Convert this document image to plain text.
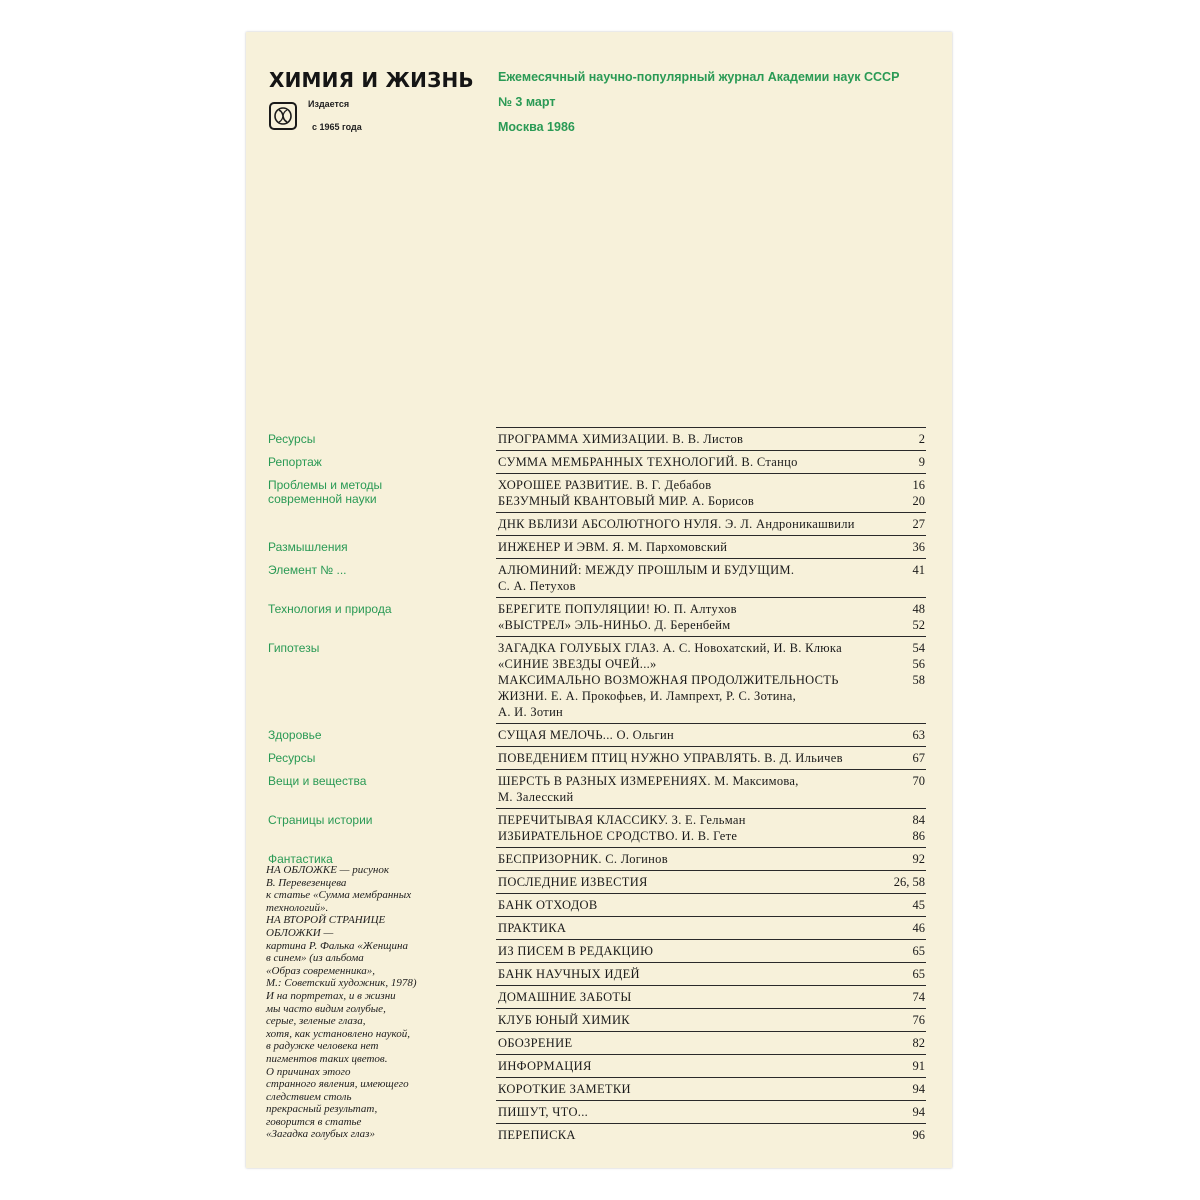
ХИМИЯ И ЖИЗНЬ
Издается
с 1965 года
Ежемесячный научно-популярный журнал Академии наук СССР
№ 3 март
Москва 1986
Ресурсы	ПРОГРАММА ХИМИЗАЦИИ. В. В. Листов	2
Репортаж	СУММА МЕМБРАННЫХ ТЕХНОЛОГИЙ. В. Станцо	9
Проблемы и методы
современной науки
ХОРОШЕЕ РАЗВИТИЕ. В. Г. Дебабов	16
БЕЗУМНЫЙ КВАНТОВЫЙ МИР. А. Борисов	20
ДНК ВБЛИЗИ АБСОЛЮТНОГО НУЛЯ. Э. Л. Андроникашвили	27
Размышления	ИНЖЕНЕР И ЭВМ. Я. М. Пархомовский	36
Элемент № ...	АЛЮМИНИЙ: МЕЖДУ ПРОШЛЫМ И БУДУЩИМ.	41
С. А. Петухов
Технология и природа	БЕРЕГИТЕ ПОПУЛЯЦИИ! Ю. П. Алтухов	48
«ВЫСТРЕЛ» ЭЛЬ-НИНЬО. Д. Беренбейм	52
Гипотезы	ЗАГАДКА ГОЛУБЫХ ГЛАЗ. А. С. Новохатский, И. В. Клюка	54
«СИНИЕ ЗВЕЗДЫ ОЧЕЙ...»	56
МАКСИМАЛЬНО ВОЗМОЖНАЯ ПРОДОЛЖИТЕЛЬНОСТЬ	58
ЖИЗНИ. Е. А. Прокофьев, И. Лампрехт, Р. С. Зотина,
А. И. Зотин
Здоровье	СУЩАЯ МЕЛОЧЬ... О. Ольгин	63
Ресурсы	ПОВЕДЕНИЕМ ПТИЦ НУЖНО УПРАВЛЯТЬ. В. Д. Ильичев	67
Вещи и вещества	ШЕРСТЬ В РАЗНЫХ ИЗМЕРЕНИЯХ. М. Максимова,	70
М. Залесский
Страницы истории	ПЕРЕЧИТЫВАЯ КЛАССИКУ. З. Е. Гельман	84
ИЗБИРАТЕЛЬНОЕ СРОДСТВО. И. В. Гете	86
Фантастика	БЕСПРИЗОРНИК. С. Логинов	92
ПОСЛЕДНИЕ ИЗВЕСТИЯ	26, 58
БАНК ОТХОДОВ	45
ПРАКТИКА	46
ИЗ ПИСЕМ В РЕДАКЦИЮ	65
БАНК НАУЧНЫХ ИДЕЙ	65
ДОМАШНИЕ ЗАБОТЫ	74
КЛУБ ЮНЫЙ ХИМИК	76
ОБОЗРЕНИЕ	82
ИНФОРМАЦИЯ	91
КОРОТКИЕ ЗАМЕТКИ	94
ПИШУТ, ЧТО...	94
ПЕРЕПИСКА	96
НА ОБЛОЖКЕ — рисунок
В. Перевезенцева
к статье «Сумма мембранных
технологий».
НА ВТОРОЙ СТРАНИЦЕ
ОБЛОЖКИ —
картина Р. Фалька «Женщина
в синем» (из альбома
«Образ современника»,
М.: Советский художник, 1978)
И на портретах, и в жизни
мы часто видим голубые,
серые, зеленые глаза,
хотя, как установлено наукой,
в радужке человека нет
пигментов таких цветов.
О причинах этого
странного явления, имеющего
следствием столь
прекрасный результат,
говорится в статье
«Загадка голубых глаз»
